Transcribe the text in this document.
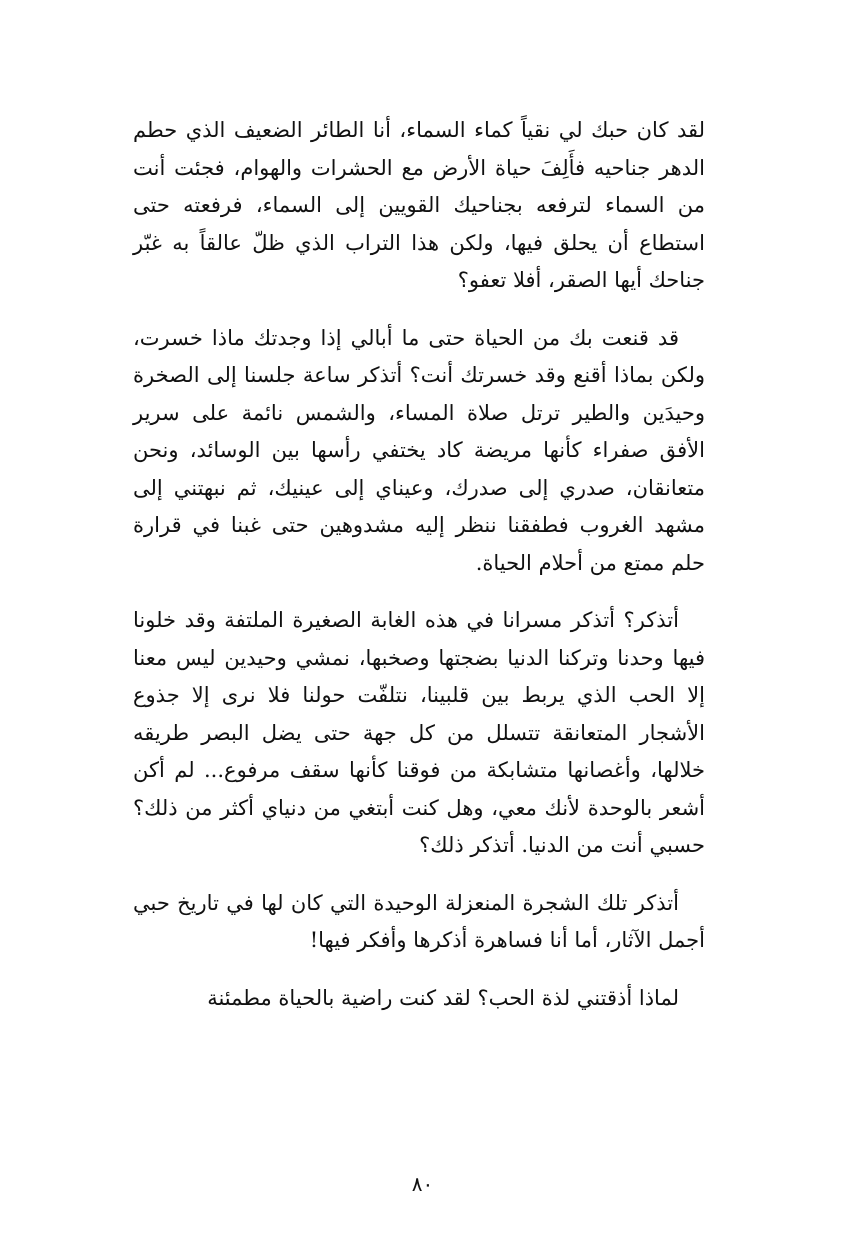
لقد كان حبك لي نقياً كماء السماء، أنا الطائر الضعيف الذي حطم الدهر جناحيه فأَلِفَ حياة الأرض مع الحشرات والهوام، فجئت أنت من السماء لترفعه بجناحيك القويين إلى السماء، فرفعته حتى استطاع أن يحلق فيها، ولكن هذا التراب الذي ظلّ عالقاً به غبّر جناحك أيها الصقر، أفلا تعفو؟

قد قنعت بك من الحياة حتى ما أبالي إذا وجدتك ماذا خسرت، ولكن بماذا أقنع وقد خسرتك أنت؟ أتذكر ساعة جلسنا إلى الصخرة وحيدَين والطير ترتل صلاة المساء، والشمس نائمة على سرير الأفق صفراء كأنها مريضة كاد يختفي رأسها بين الوسائد، ونحن متعانقان، صدري إلى صدرك، وعيناي إلى عينيك، ثم نبهتني إلى مشهد الغروب فطفقنا ننظر إليه مشدوهين حتى غبنا في قرارة حلم ممتع من أحلام الحياة.

أتذكر؟ أتذكر مسرانا في هذه الغابة الصغيرة الملتفة وقد خلونا فيها وحدنا وتركنا الدنيا بضجتها وصخبها، نمشي وحيدين ليس معنا إلا الحب الذي يربط بين قلبينا، نتلفّت حولنا فلا نرى إلا جذوع الأشجار المتعانقة تتسلل من كل جهة حتى يضل البصر طريقه خلالها، وأغصانها متشابكة من فوقنا كأنها سقف مرفوع... لم أكن أشعر بالوحدة لأنك معي، وهل كنت أبتغي من دنياي أكثر من ذلك؟ حسبي أنت من الدنيا. أتذكر ذلك؟

أتذكر تلك الشجرة المنعزلة الوحيدة التي كان لها في تاريخ حبي أجمل الآثار، أما أنا فساهرة أذكرها وأفكر فيها!

لماذا أذقتني لذة الحب؟ لقد كنت راضية بالحياة مطمئنة

٨٠
